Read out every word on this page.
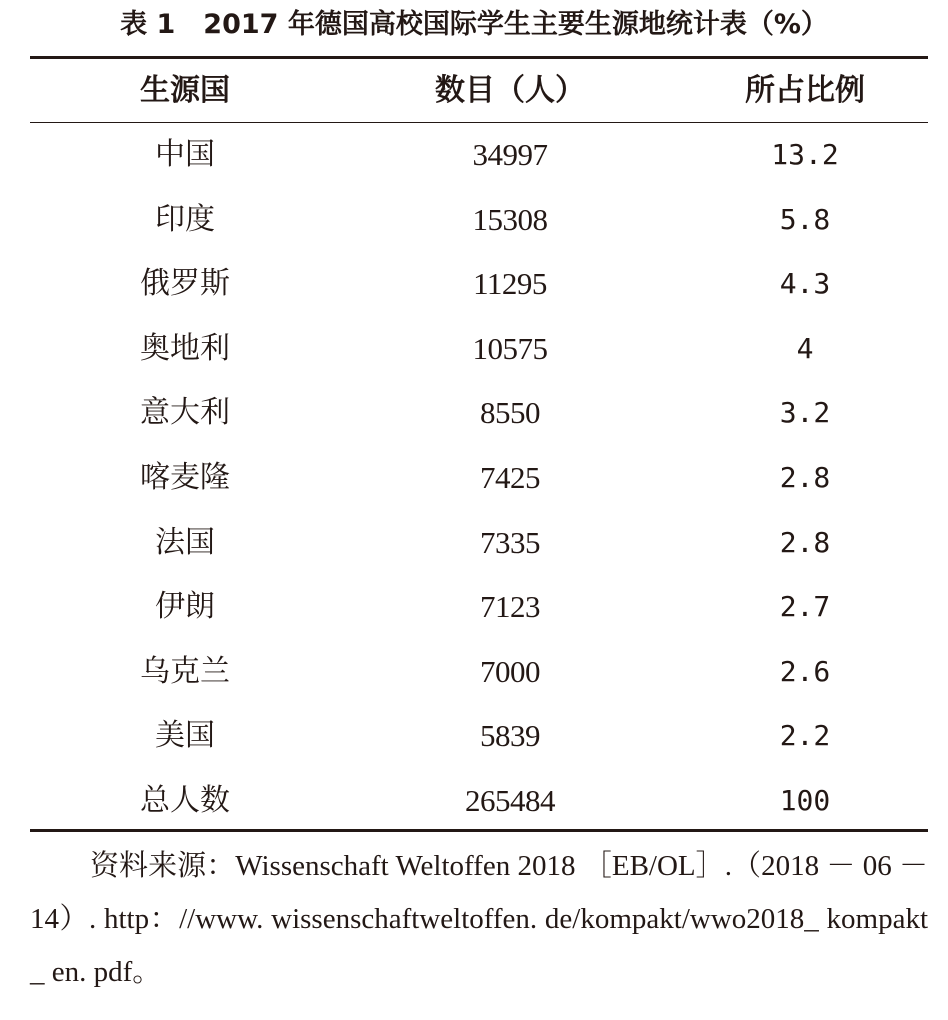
表 1 2017 年德国高校国际学生主要生源地统计表（%）
生源国	数目（人）	所占比例
中国	34997	13.2
印度	15308	5.8
俄罗斯	11295	4.3
奥地利	10575	4
意大利	8550	3.2
喀麦隆	7425	2.8
法国	7335	2.8
伊朗	7123	2.7
乌克兰	7000	2.6
美国	5839	2.2
总人数	265484	100
资料来源：Wissenschaft Weltoffen 2018 ［EB/OL］.（2018 － 06 － 14）. http：//www. wissenschaftweltoffen. de/kompakt/wwo2018_ kompakt_ en. pdf。
